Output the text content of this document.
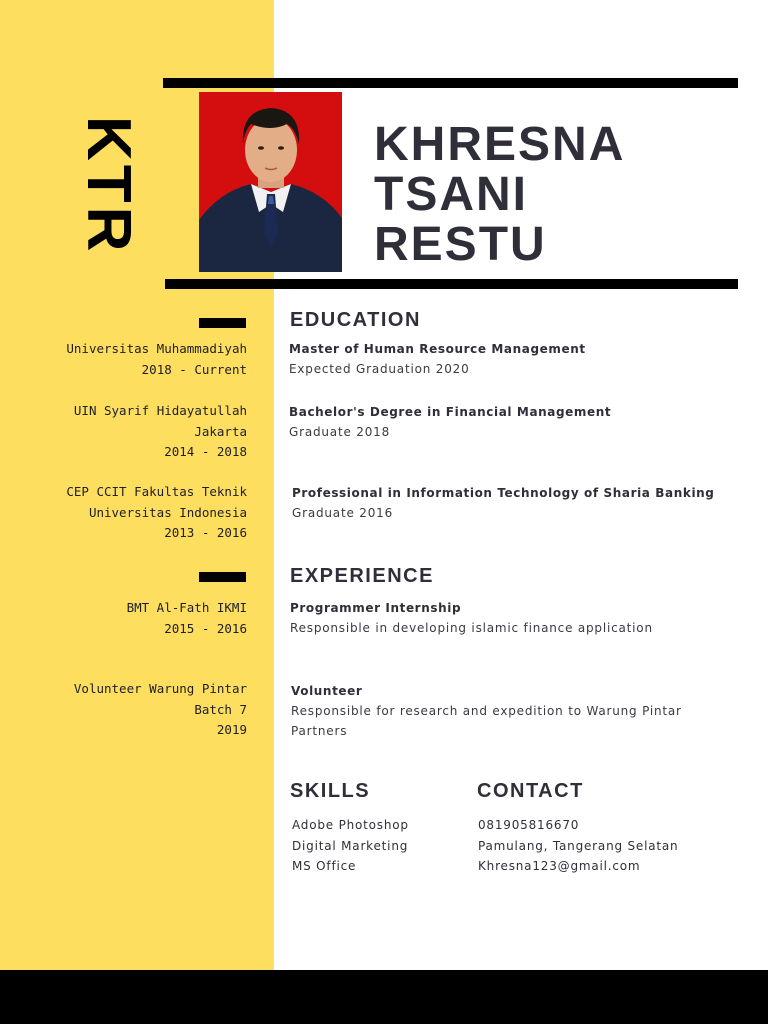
KTR	KHRESNA
TSANI
RESTU
EDUCATION
Universitas Muhammadiyah
2018 - Current
Master of Human Resource Management
Expected Graduation 2020
UIN Syarif Hidayatullah
Jakarta
2014 - 2018
Bachelor's Degree in Financial Management
Graduate 2018
CEP CCIT Fakultas Teknik
Universitas Indonesia
2013 - 2016
Professional in Information Technology of Sharia Banking
Graduate 2016
EXPERIENCE
BMT Al-Fath IKMI
2015 - 2016
Programmer Internship
Responsible in developing islamic finance application
Volunteer Warung Pintar
Batch 7
2019
Volunteer
Responsible for research and expedition to Warung Pintar
Partners
SKILLS
Adobe Photoshop
Digital Marketing
MS Office
CONTACT
081905816670
Pamulang, Tangerang Selatan
Khresna123@gmail.com
